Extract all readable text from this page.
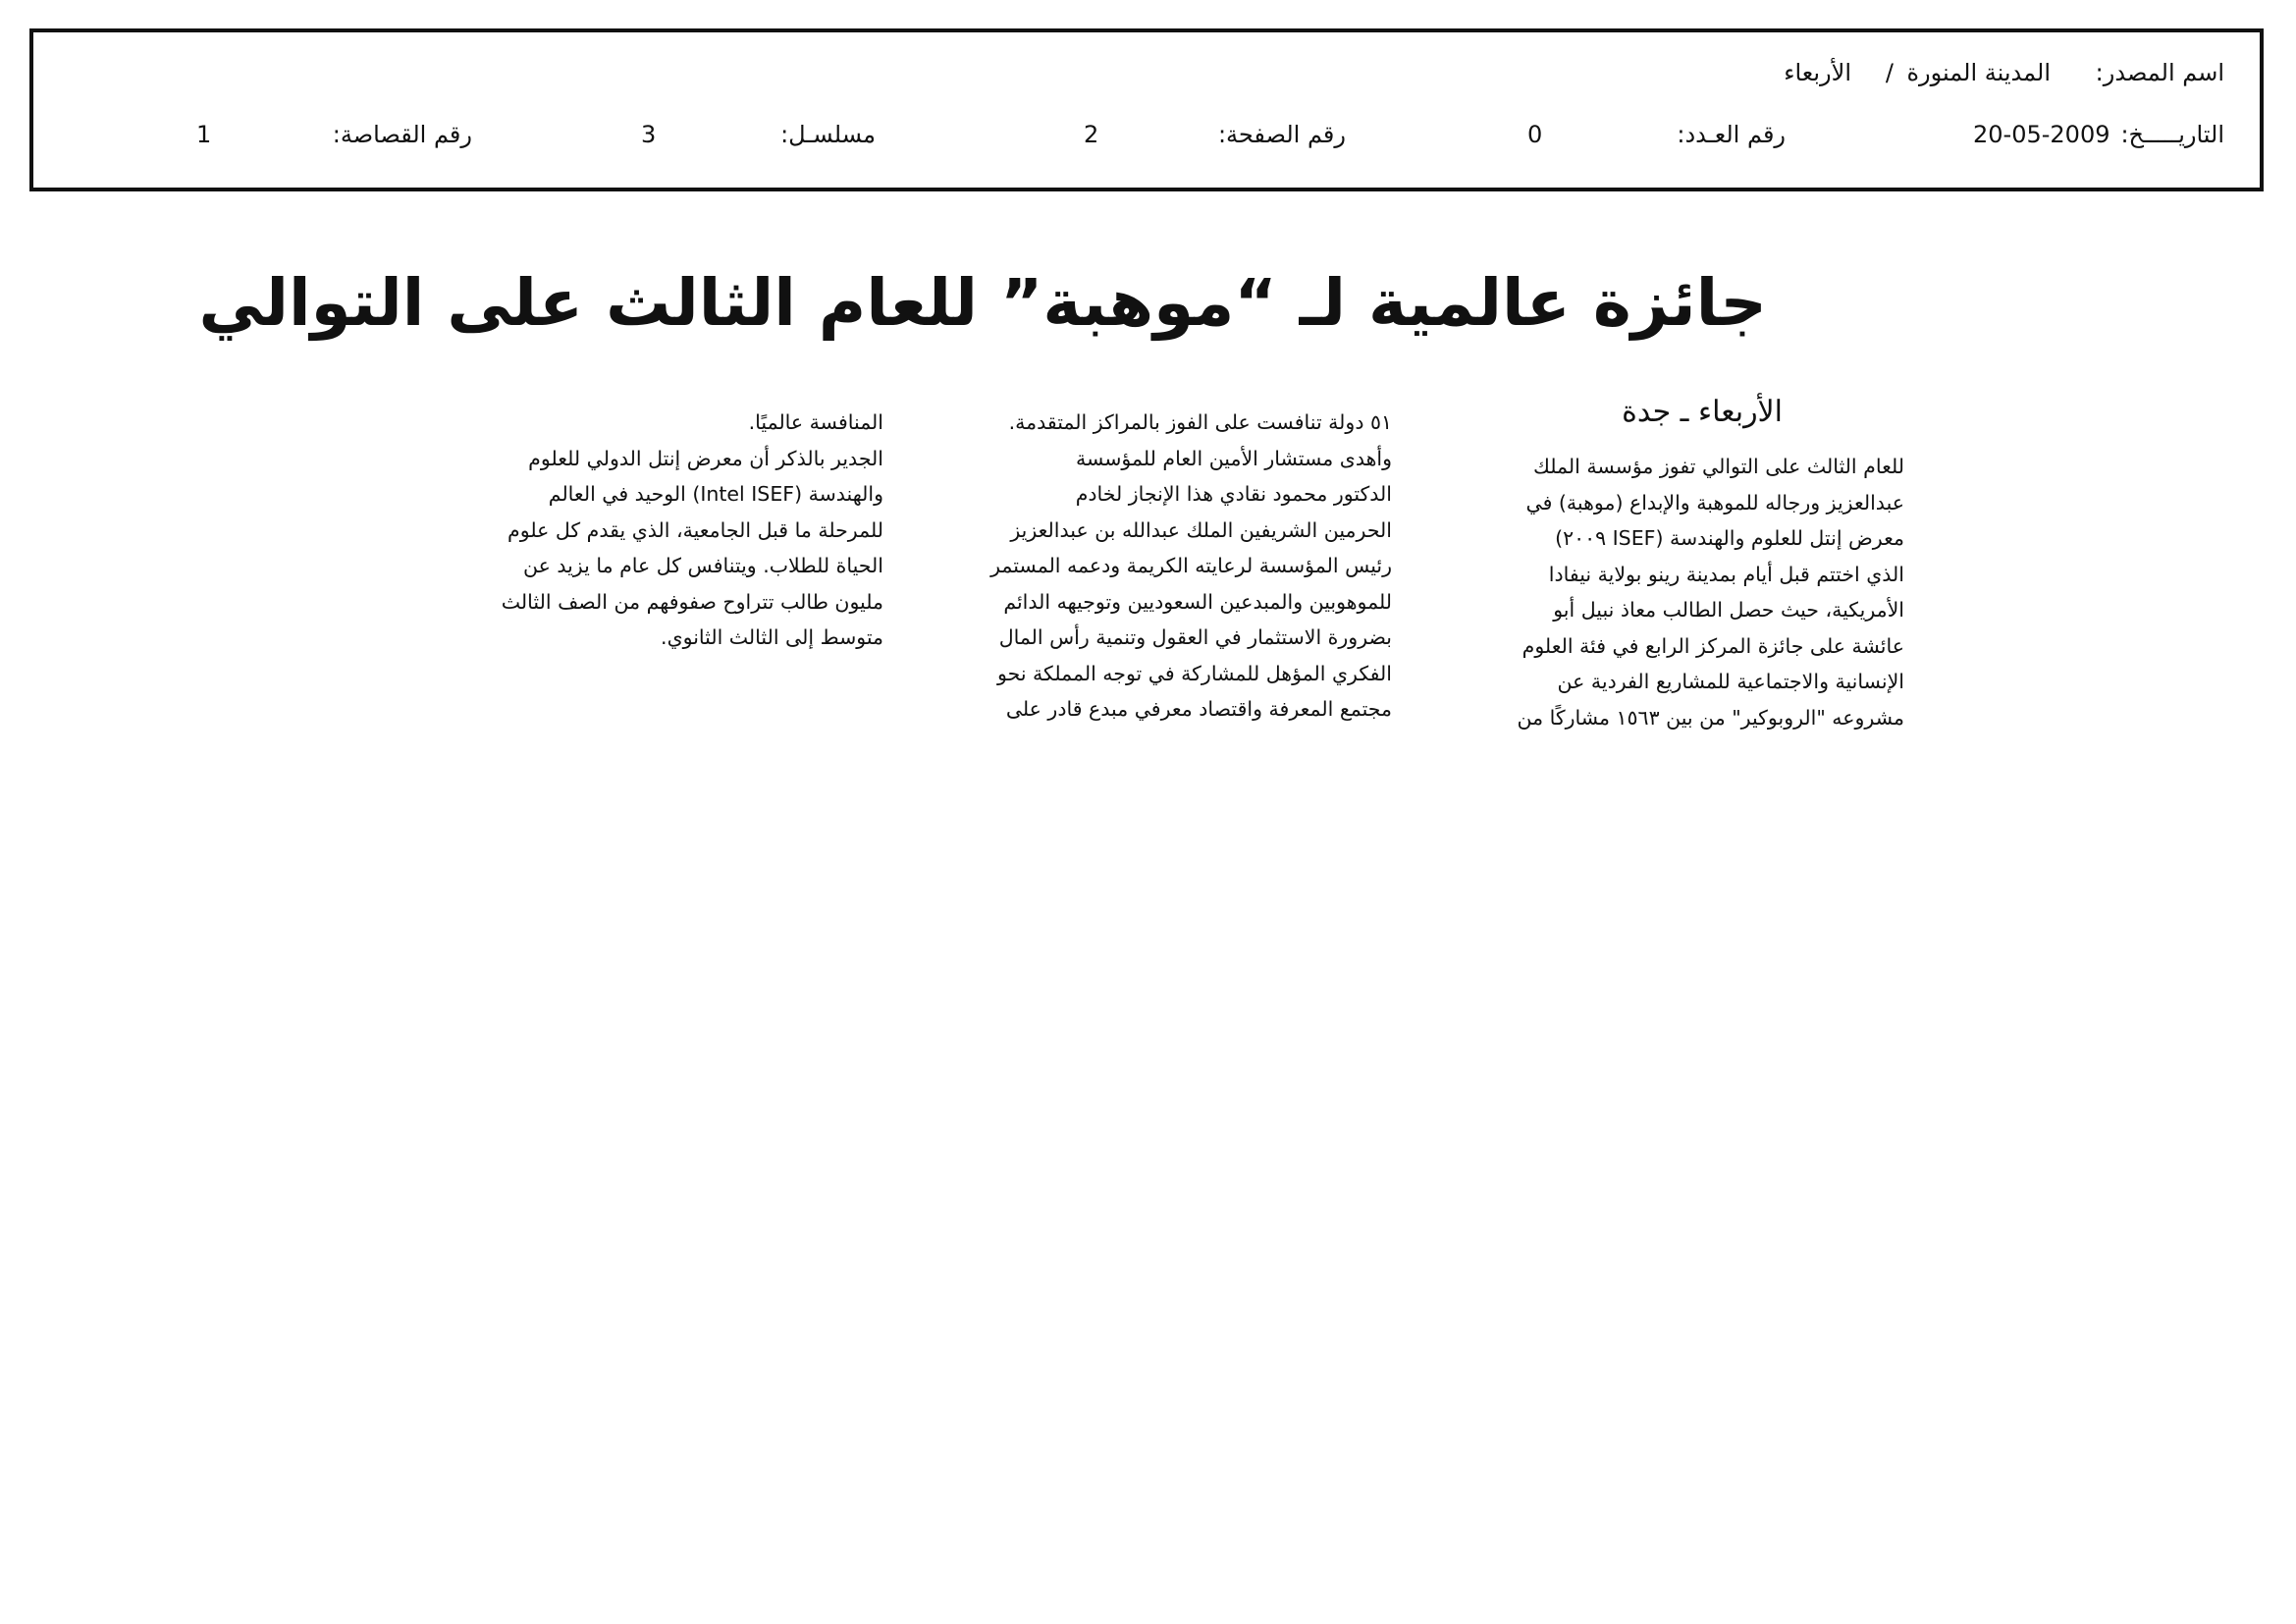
اسم المصدر:
المدينة المنورة
/
الأربعاء
التاريـــــخ:
20-05-2009
رقم العـدد:
0
رقم الصفحة:
2
مسلسـل:
3
رقم القصاصة:
1
جائزة عالمية لـ “موهبة” للعام الثالث على التوالي
الأربعاء ـ جدة
للعام الثالث على التوالي تفوز مؤسسة الملك
عبدالعزيز ورجاله للموهبة والإبداع (موهبة) في
معرض إنتل للعلوم والهندسة (ISEF ٢٠٠٩)
الذي اختتم قبل أيام بمدينة رينو بولاية نيفادا
الأمريكية، حيث حصل الطالب معاذ نبيل أبو
عائشة على جائزة المركز الرابع في فئة العلوم
الإنسانية والاجتماعية للمشاريع الفردية عن
مشروعه "الروبوكير" من بين ١٥٦٣ مشاركًا من
٥١ دولة تنافست على الفوز بالمراكز المتقدمة.
وأهدى مستشار الأمين العام للمؤسسة
الدكتور محمود نقادي هذا الإنجاز لخادم
الحرمين الشريفين الملك عبدالله بن عبدالعزيز
رئيس المؤسسة لرعايته الكريمة ودعمه المستمر
للموهوبين والمبدعين السعوديين وتوجيهه الدائم
بضرورة الاستثمار في العقول وتنمية رأس المال
الفكري المؤهل للمشاركة في توجه المملكة نحو
مجتمع المعرفة واقتصاد معرفي مبدع قادر على
المنافسة عالميًا.
الجدير بالذكر أن معرض إنتل الدولي للعلوم
والهندسة (Intel ISEF) الوحيد في العالم
للمرحلة ما قبل الجامعية، الذي يقدم كل علوم
الحياة للطلاب. ويتنافس كل عام ما يزيد عن
مليون طالب تتراوح صفوفهم من الصف الثالث
متوسط إلى الثالث الثانوي.
